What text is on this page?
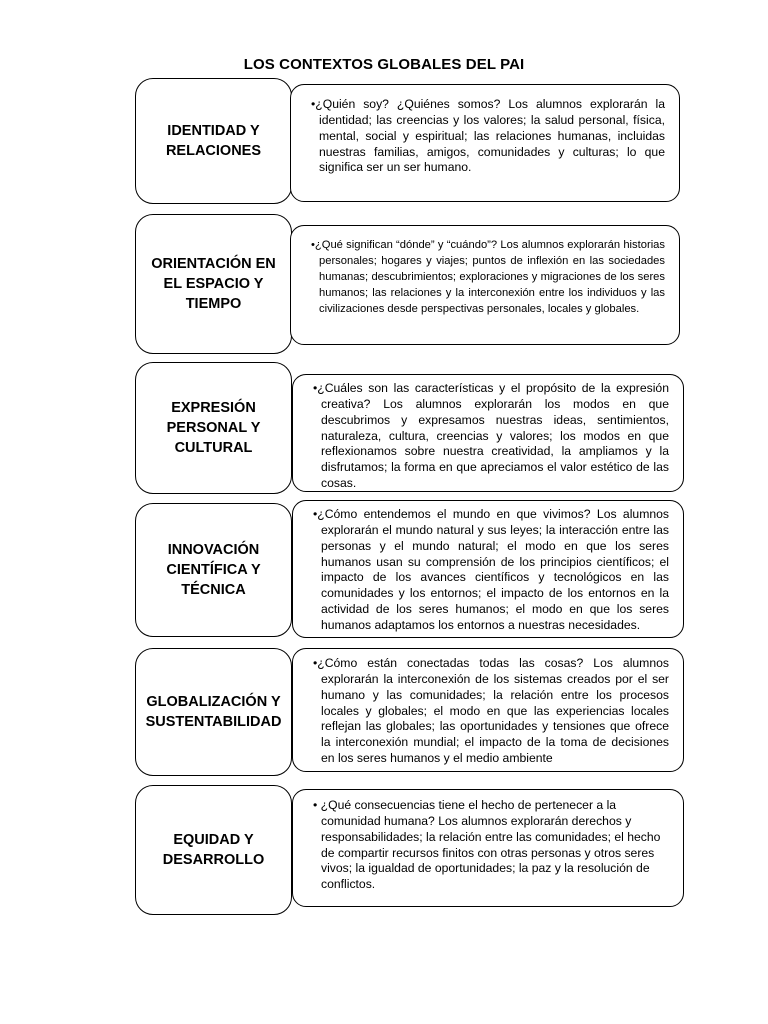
LOS CONTEXTOS GLOBALES DEL PAI
IDENTIDAD Y RELACIONES

•¿Quién soy? ¿Quiénes somos? Los alumnos explorarán la identidad; las creencias y los valores; la salud personal, física, mental, social y espiritual; las relaciones humanas, incluidas nuestras familias, amigos, comunidades y culturas; lo que significa ser un ser humano.

ORIENTACIÓN EN EL ESPACIO Y TIEMPO

•¿Qué significan “dónde” y “cuándo”? Los alumnos explorarán historias personales; hogares y viajes; puntos de inflexión en las sociedades humanas; descubrimientos; exploraciones y migraciones de los seres humanos; las relaciones y la interconexión entre los individuos y las civilizaciones desde perspectivas personales, locales y globales.

EXPRESIÓN PERSONAL Y CULTURAL

•¿Cuáles son las características y el propósito de la expresión creativa? Los alumnos explorarán los modos en que descubrimos y expresamos nuestras ideas, sentimientos, naturaleza, cultura, creencias y valores; los modos en que reflexionamos sobre nuestra creatividad, la ampliamos y la disfrutamos; la forma en que apreciamos el valor estético de las cosas.

INNOVACIÓN CIENTÍFICA Y TÉCNICA

•¿Cómo entendemos el mundo en que vivimos? Los alumnos explorarán el mundo natural y sus leyes; la interacción entre las personas y el mundo natural; el modo en que los seres humanos usan su comprensión de los principios científicos; el impacto de los avances científicos y tecnológicos en las comunidades y los entornos; el impacto de los entornos en la actividad de los seres humanos; el modo en que los seres humanos adaptamos los entornos a nuestras necesidades.

GLOBALIZACIÓN Y SUSTENTABILIDAD

•¿Cómo están conectadas todas las cosas? Los alumnos explorarán la interconexión de los sistemas creados por el ser humano y las comunidades; la relación entre los procesos locales y globales; el modo en que las experiencias locales reflejan las globales; las oportunidades y tensiones que ofrece la interconexión mundial; el impacto de la toma de decisiones en los seres humanos y el medio ambiente

EQUIDAD Y DESARROLLO

• ¿Qué consecuencias tiene el hecho de pertenecer a la comunidad humana? Los alumnos explorarán derechos y responsabilidades; la relación entre las comunidades; el hecho de compartir recursos finitos con otras personas y otros seres vivos; la igualdad de oportunidades; la paz y la resolución de conflictos.
